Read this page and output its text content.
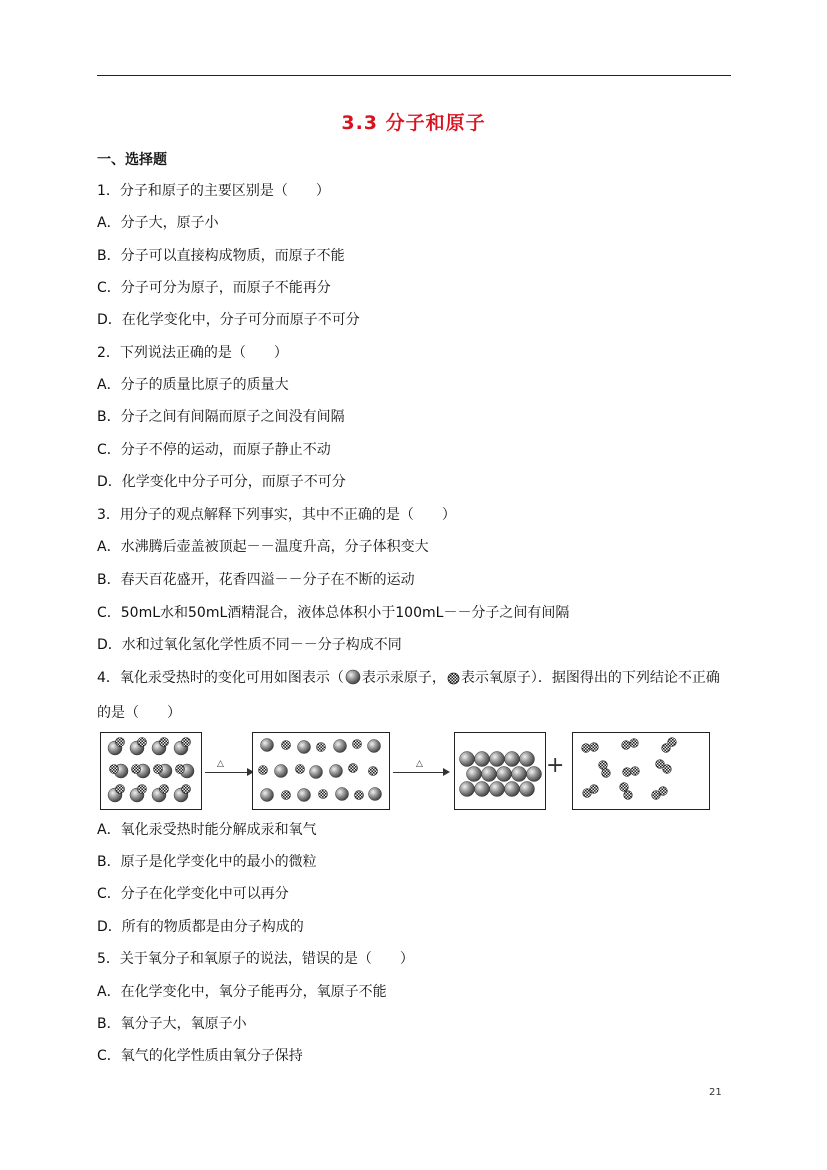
3.3 分子和原子
一、选择题
1．分子和原子的主要区别是（　　）
A．分子大，原子小
B．分子可以直接构成物质，而原子不能
C．分子可分为原子，而原子不能再分
D．在化学变化中，分子可分而原子不可分
2．下列说法正确的是（　　）
A．分子的质量比原子的质量大
B．分子之间有间隔而原子之间没有间隔
C．分子不停的运动，而原子静止不动
D．化学变化中分子可分，而原子不可分
3．用分子的观点解释下列事实，其中不正确的是（　　）
A．水沸腾后壶盖被顶起－－温度升高，分子体积变大
B．春天百花盛开，花香四溢－－分子在不断的运动
C．50mL水和50mL酒精混合，液体总体积小于100mL－－分子之间有间隔
D．水和过氧化氢化学性质不同－－分子构成不同
4．氧化汞受热时的变化可用如图表示（ 表示汞原子， 表示氧原子）．据图得出的下列结论不正确的是（　　）
△	△	+
A．氧化汞受热时能分解成汞和氧气
B．原子是化学变化中的最小的微粒
C．分子在化学变化中可以再分
D．所有的物质都是由分子构成的
5．关于氧分子和氧原子的说法，错误的是（　　）
A．在化学变化中，氧分子能再分，氧原子不能
B．氧分子大，氧原子小
C．氧气的化学性质由氧分子保持
21
